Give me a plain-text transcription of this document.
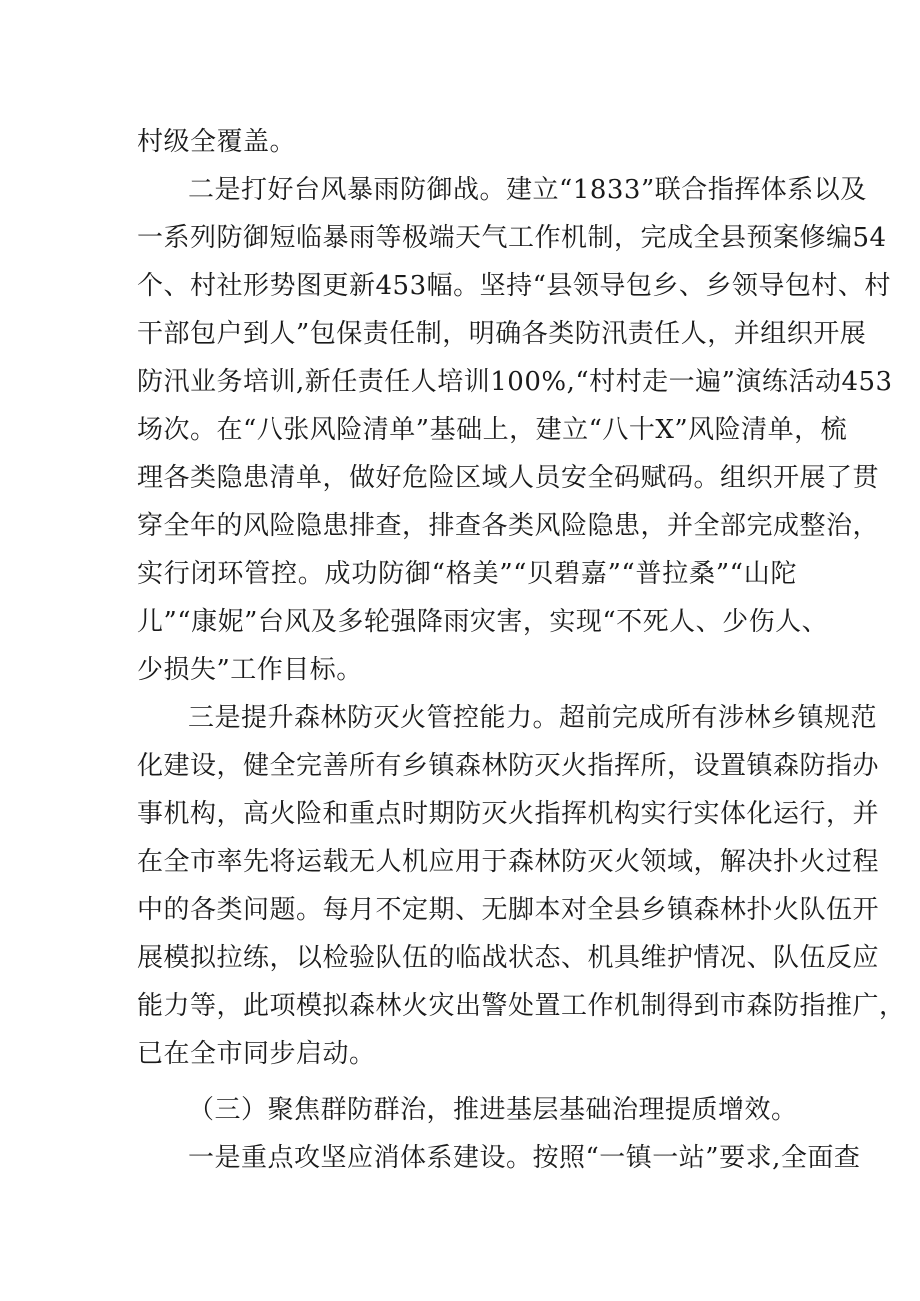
村级全覆盖。
二是打好台风暴雨防御战。建立“1833”联合指挥体系以及
一系列防御短临暴雨等极端天气工作机制，完成全县预案修编54
个、村社形势图更新453幅。坚持“县领导包乡、乡领导包村、村
干部包户到人”包保责任制，明确各类防汛责任人，并组织开展
防汛业务培训,新任责任人培训100%,“村村走一遍”演练活动453
场次。在“八张风险清单”基础上，建立“八十X”风险清单，梳
理各类隐患清单，做好危险区域人员安全码赋码。组织开展了贯
穿全年的风险隐患排查，排查各类风险隐患，并全部完成整治，
实行闭环管控。成功防御“格美”“贝碧嘉”“普拉桑”“山陀
儿”“康妮”台风及多轮强降雨灾害，实现“不死人、少伤人、
少损失”工作目标。
三是提升森林防灭火管控能力。超前完成所有涉林乡镇规范
化建设，健全完善所有乡镇森林防灭火指挥所，设置镇森防指办
事机构，高火险和重点时期防灭火指挥机构实行实体化运行，并
在全市率先将运载无人机应用于森林防灭火领域，解决扑火过程
中的各类问题。每月不定期、无脚本对全县乡镇森林扑火队伍开
展模拟拉练，以检验队伍的临战状态、机具维护情况、队伍反应
能力等，此项模拟森林火灾出警处置工作机制得到市森防指推广，
已在全市同步启动。
（三）聚焦群防群治，推进基层基础治理提质增效。
一是重点攻坚应消体系建设。按照“一镇一站”要求,全面查
